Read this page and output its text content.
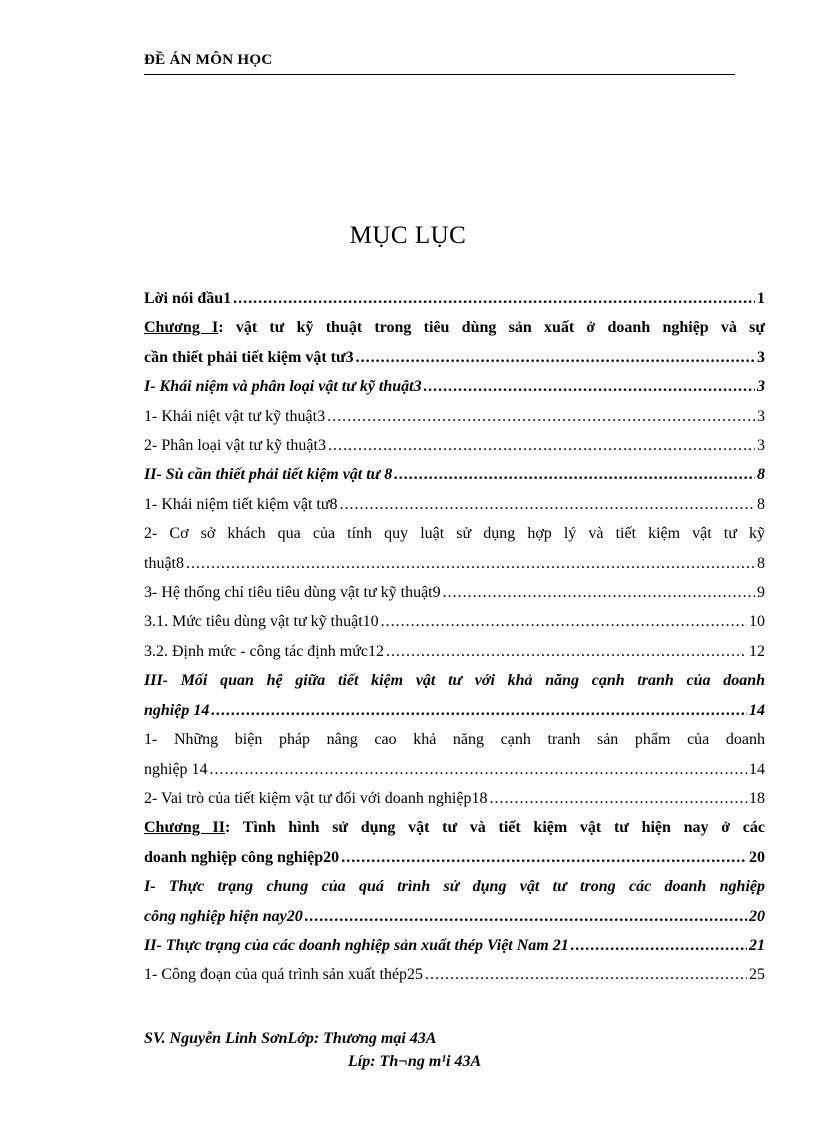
ĐỀ ÁN MÔN HỌC
MỤC LỤC
Lời nói đầu1 .....	1
Chương I: vật tư kỹ thuật trong tiêu dùng sản xuất ở doanh nghiệp và sự
cần thiết phải tiết kiệm vật tư3 .....	3
I- Khái niệm và phân loại vật tư kỹ thuật3 .....	3
1- Khái niệt vật tư kỹ thuật3 .....	3
2- Phân loại vật tư kỹ thuật3 .....	3
II- Sù cần thiết phải tiết kiệm vật tư 8 .....	8
1- Khái niệm tiết kiệm vật tư8 .....	8
2- Cơ sở khách qua của tính quy luật sử dụng hợp lý và tiết kiệm vật tư kỹ
thuật8 .....	8
3- Hệ thống chỉ tiêu tiêu dùng vật tư kỹ thuật9 .....	9
3.1. Mức tiêu dùng vật tư kỹ thuật10 .....	10
3.2. Định mức - công tác định mức12 .....	12
III- Mối quan hệ giữa tiết kiệm vật tư với khả năng cạnh tranh của doanh
nghiệp 14 .....	14
1- Những biện pháp nâng cao khả năng cạnh tranh sản phẩm của doanh
nghiệp 14 .....	14
2- Vai trò của tiết kiệm vật tư đối với doanh nghiệp18 .....	18
Chương II: Tình hình sử dụng vật tư và tiết kiệm vật tư hiện nay ở các
doanh nghiệp công nghiệp20 .....	20
I- Thực trạng chung của quá trình sử dụng vật tư trong các doanh nghiệp
công nghiệp hiện nay20 .....	20
II- Thực trạng của các doanh nghiệp sản xuất thép Việt Nam 21 .....	21
1- Công đoạn của quá trình sản xuất thép25 .....	25
SV. Nguyễn Linh SơnLớp: Thương mại 43A
Líp: Th¬ng m¹i 43A
